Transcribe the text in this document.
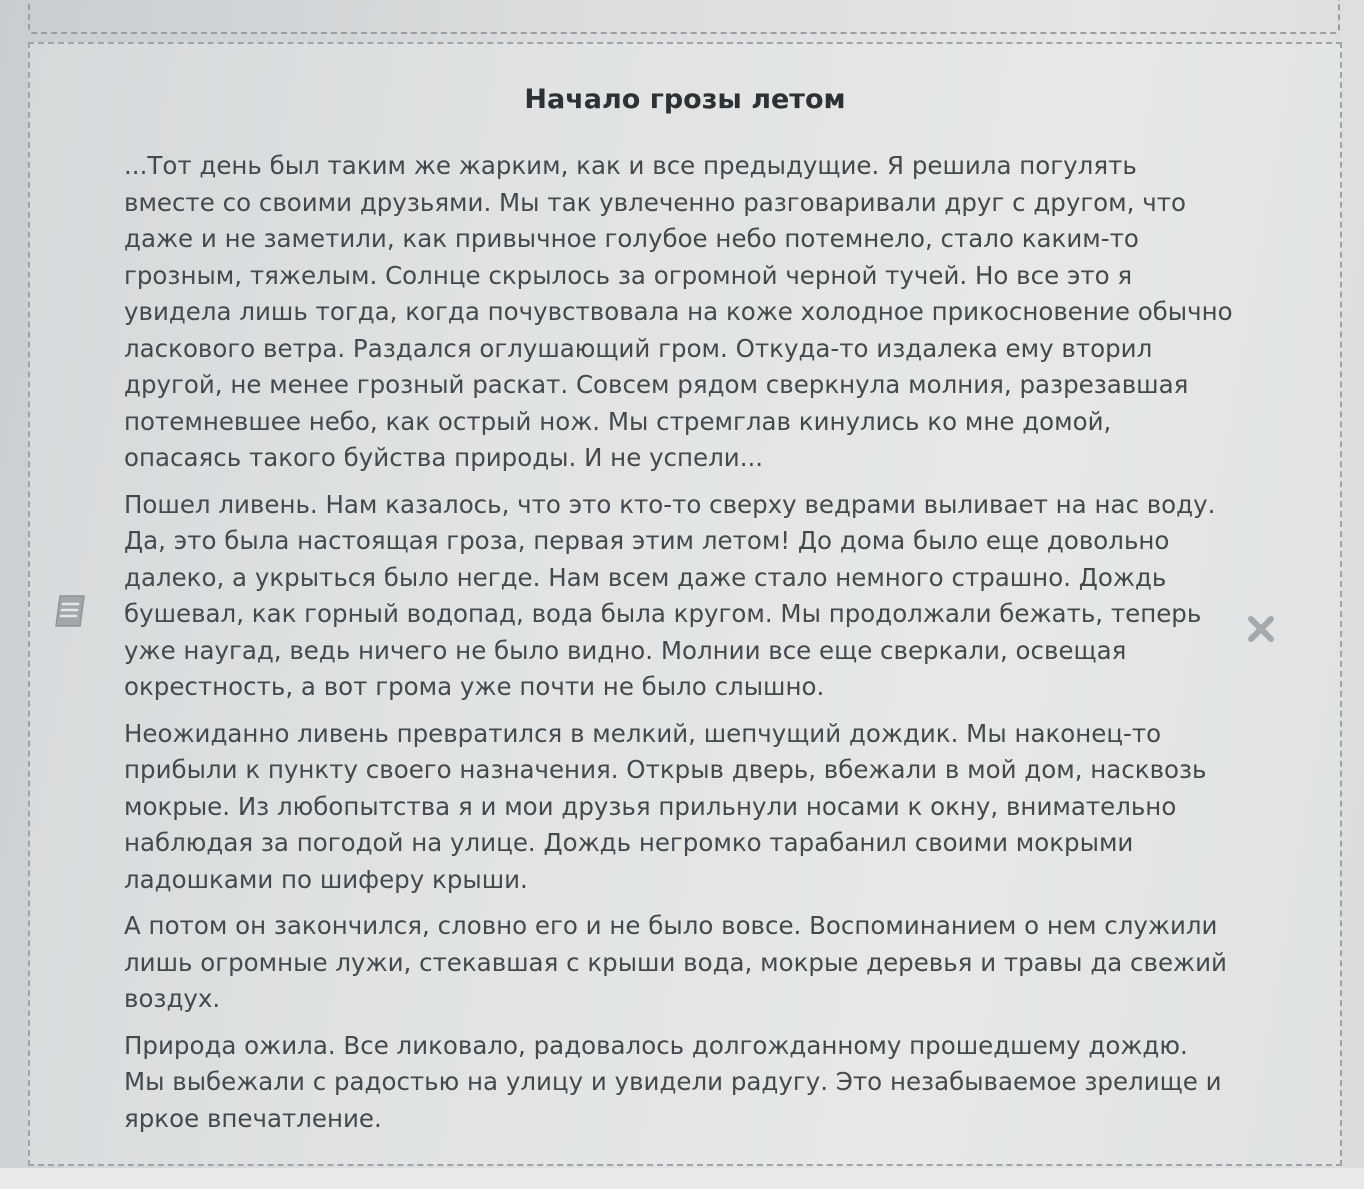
Начало грозы летом

...Тот день был таким же жарким, как и все предыдущие. Я решила погулять вместе со своими друзьями. Мы так увлеченно разговаривали друг с другом, что даже и не заметили, как привычное голубое небо потемнело, стало каким-то грозным, тяжелым. Солнце скрылось за огромной черной тучей. Но все это я увидела лишь тогда, когда почувствовала на коже холодное прикосновение обычно ласкового ветра. Раздался оглушающий гром. Откуда-то издалека ему вторил другой, не менее грозный раскат. Совсем рядом сверкнула молния, разрезавшая потемневшее небо, как острый нож. Мы стремглав кинулись ко мне домой, опасаясь такого буйства природы. И не успели...

Пошел ливень. Нам казалось, что это кто-то сверху ведрами выливает на нас воду. Да, это была настоящая гроза, первая этим летом! До дома было еще довольно далеко, а укрыться было негде. Нам всем даже стало немного страшно. Дождь бушевал, как горный водопад, вода была кругом. Мы продолжали бежать, теперь уже наугад, ведь ничего не было видно. Молнии все еще сверкали, освещая окрестность, а вот грома уже почти не было слышно.

Неожиданно ливень превратился в мелкий, шепчущий дождик. Мы наконец-то прибыли к пункту своего назначения. Открыв дверь, вбежали в мой дом, насквозь мокрые. Из любопытства я и мои друзья прильнули носами к окну, внимательно наблюдая за погодой на улице. Дождь негромко тарабанил своими мокрыми ладошками по шиферу крыши.

А потом он закончился, словно его и не было вовсе. Воспоминанием о нем служили лишь огромные лужи, стекавшая с крыши вода, мокрые деревья и травы да свежий воздух.

Природа ожила. Все ликовало, радовалось долгожданному прошедшему дождю. Мы выбежали с радостью на улицу и увидели радугу. Это незабываемое зрелище и яркое впечатление.
